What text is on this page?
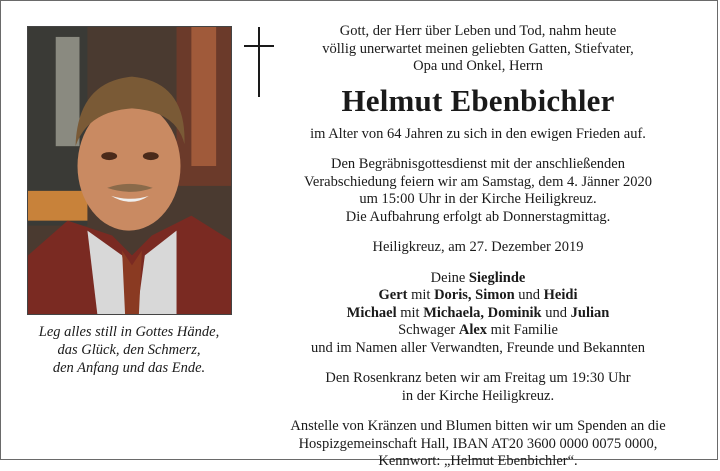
Leg alles still in Gottes Hände,
das Glück, den Schmerz,
den Anfang und das Ende.
Gott, der Herr über Leben und Tod, nahm heute
völlig unerwartet meinen geliebten Gatten, Stiefvater,
Opa und Onkel, Herrn
Helmut Ebenbichler
im Alter von 64 Jahren zu sich in den ewigen Frieden auf.
Den Begräbnisgottesdienst mit der anschließenden
Verabschiedung feiern wir am Samstag, dem 4. Jänner 2020
um 15:00 Uhr in der Kirche Heiligkreuz.
Die Aufbahrung erfolgt ab Donnerstagmittag.
Heiligkreuz, am 27. Dezember 2019
Deine Sieglinde
Gert mit Doris, Simon und Heidi
Michael mit Michaela, Dominik und Julian
Schwager Alex mit Familie
und im Namen aller Verwandten, Freunde und Bekannten
Den Rosenkranz beten wir am Freitag um 19:30 Uhr
in der Kirche Heiligkreuz.
Anstelle von Kränzen und Blumen bitten wir um Spenden an die
Hospizgemeinschaft Hall, IBAN AT20 3600 0000 0075 0000,
Kennwort: „Helmut Ebenbichler“.
